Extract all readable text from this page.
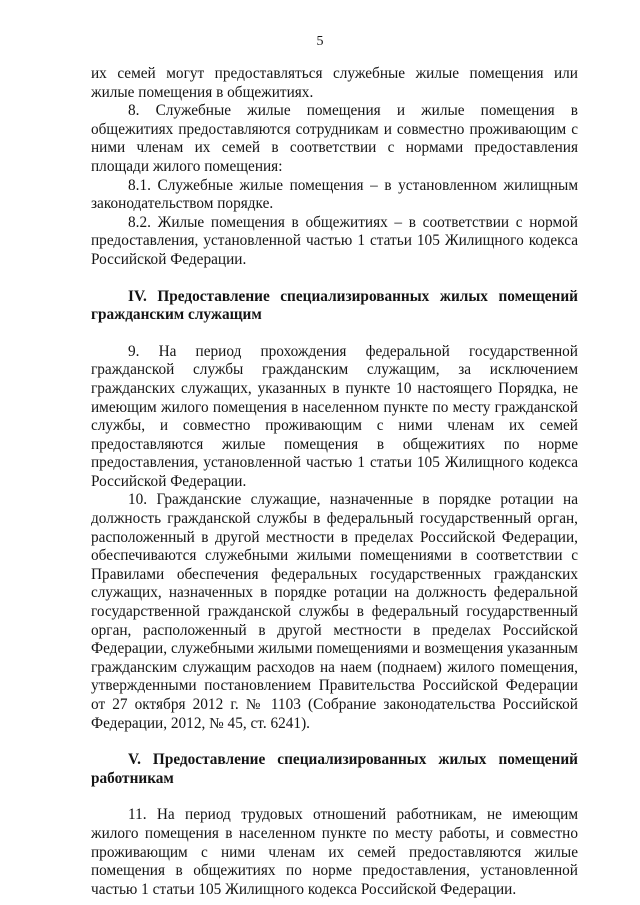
5

их семей могут предоставляться служебные жилые помещения или жилые помещения в общежитиях.

8. Служебные жилые помещения и жилые помещения в общежитиях предоставляются сотрудникам и совместно проживающим с ними членам их семей в соответствии с нормами предоставления площади жилого помещения:

8.1. Служебные жилые помещения – в установленном жилищным законодательством порядке.

8.2. Жилые помещения в общежитиях – в соответствии с нормой предоставления, установленной частью 1 статьи 105 Жилищного кодекса Российской Федерации.

IV. Предоставление специализированных жилых помещений гражданским служащим

9. На период прохождения федеральной государственной гражданской службы гражданским служащим, за исключением гражданских служащих, указанных в пункте 10 настоящего Порядка, не имеющим жилого помещения в населенном пункте по месту гражданской службы, и совместно проживающим с ними членам их семей предоставляются жилые помещения в общежитиях по норме предоставления, установленной частью 1 статьи 105 Жилищного кодекса Российской Федерации.

10. Гражданские служащие, назначенные в порядке ротации на должность гражданской службы в федеральный государственный орган, расположенный в другой местности в пределах Российской Федерации, обеспечиваются служебными жилыми помещениями в соответствии с Правилами обеспечения федеральных государственных гражданских служащих, назначенных в порядке ротации на должность федеральной государственной гражданской службы в федеральный государственный орган, расположенный в другой местности в пределах Российской Федерации, служебными жилыми помещениями и возмещения указанным гражданским служащим расходов на наем (поднаем) жилого помещения, утвержденными постановлением Правительства Российской Федерации от 27 октября 2012 г. № 1103 (Собрание законодательства Российской Федерации, 2012, № 45, ст. 6241).

V. Предоставление специализированных жилых помещений работникам

11. На период трудовых отношений работникам, не имеющим жилого помещения в населенном пункте по месту работы, и совместно проживающим с ними членам их семей предоставляются жилые помещения в общежитиях по норме предоставления, установленной частью 1 статьи 105 Жилищного кодекса Российской Федерации.
